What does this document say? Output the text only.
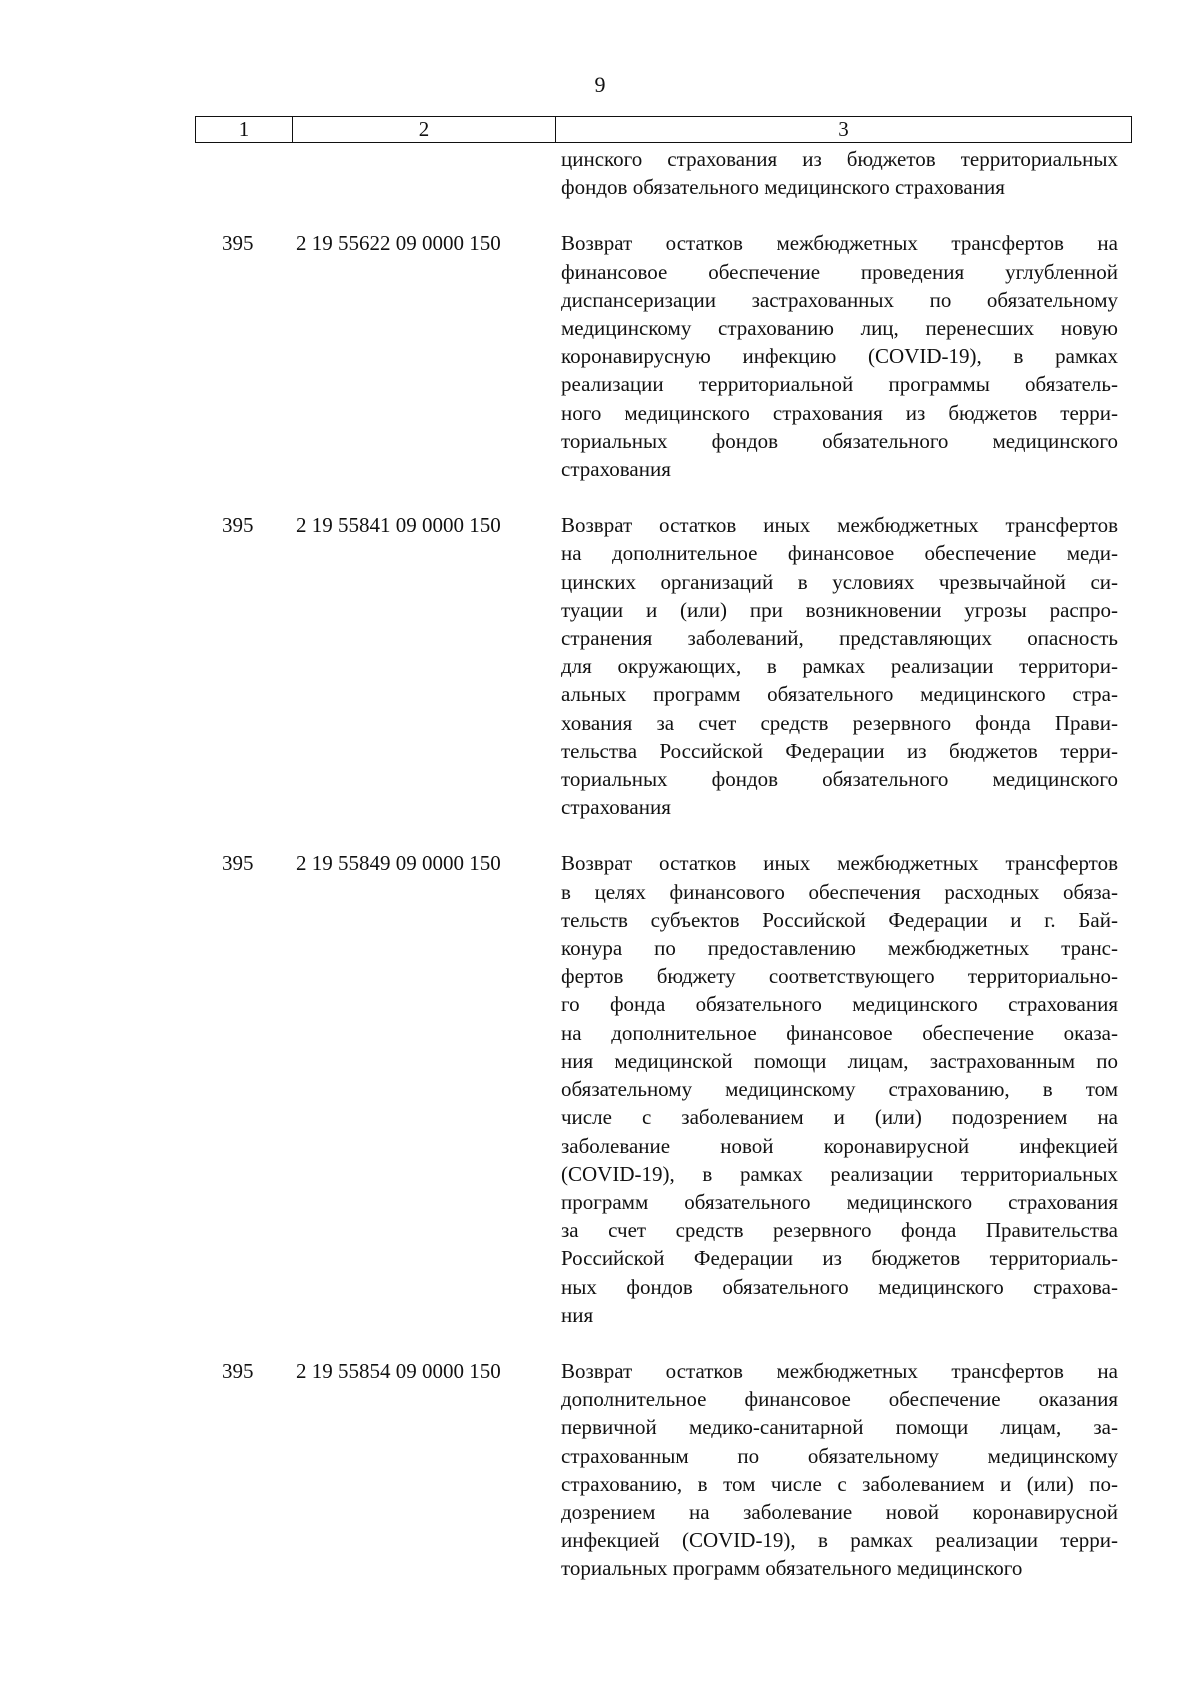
9
1	2	3
цинского страхования из бюджетов территориальных
фондов обязательного медицинского страхования
395	2 19 55622 09 0000 150	Возврат остатков межбюджетных трансфертов на
финансовое обеспечение проведения углубленной
диспансеризации застрахованных по обязательному
медицинскому страхованию лиц, перенесших новую
коронавирусную инфекцию (COVID-19), в рамках
реализации территориальной программы обязатель-
ного медицинского страхования из бюджетов терри-
ториальных фондов обязательного медицинского
страхования
395	2 19 55841 09 0000 150	Возврат остатков иных межбюджетных трансфертов
на дополнительное финансовое обеспечение меди-
цинских организаций в условиях чрезвычайной си-
туации и (или) при возникновении угрозы распро-
странения заболеваний, представляющих опасность
для окружающих, в рамках реализации территори-
альных программ обязательного медицинского стра-
хования за счет средств резервного фонда Прави-
тельства Российской Федерации из бюджетов терри-
ториальных фондов обязательного медицинского
страхования
395	2 19 55849 09 0000 150	Возврат остатков иных межбюджетных трансфертов
в целях финансового обеспечения расходных обяза-
тельств субъектов Российской Федерации и г. Бай-
конура по предоставлению межбюджетных транс-
фертов бюджету соответствующего территориально-
го фонда обязательного медицинского страхования
на дополнительное финансовое обеспечение оказа-
ния медицинской помощи лицам, застрахованным по
обязательному медицинскому страхованию, в том
числе с заболеванием и (или) подозрением на
заболевание новой коронавирусной инфекцией
(COVID-19), в рамках реализации территориальных
программ обязательного медицинского страхования
за счет средств резервного фонда Правительства
Российской Федерации из бюджетов территориаль-
ных фондов обязательного медицинского страхова-
ния
395	2 19 55854 09 0000 150	Возврат остатков межбюджетных трансфертов на
дополнительное финансовое обеспечение оказания
первичной медико-санитарной помощи лицам, за-
страхованным по обязательному медицинскому
страхованию, в том числе с заболеванием и (или) по-
дозрением на заболевание новой коронавирусной
инфекцией (COVID-19), в рамках реализации терри-
ториальных программ обязательного медицинского
